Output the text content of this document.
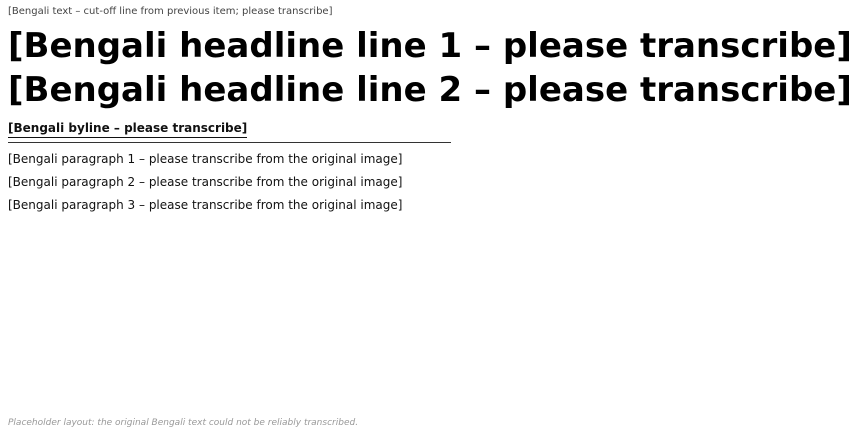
[Bengali text – cut-off line from previous item; please transcribe]
[Bengali headline line 1 – please transcribe]
[Bengali headline line 2 – please transcribe]
[Bengali byline – please transcribe]

[Bengali paragraph 1 – please transcribe from the original image]

[Bengali paragraph 2 – please transcribe from the original image]

[Bengali paragraph 3 – please transcribe from the original image]

Placeholder layout: the original Bengali text could not be reliably transcribed.
